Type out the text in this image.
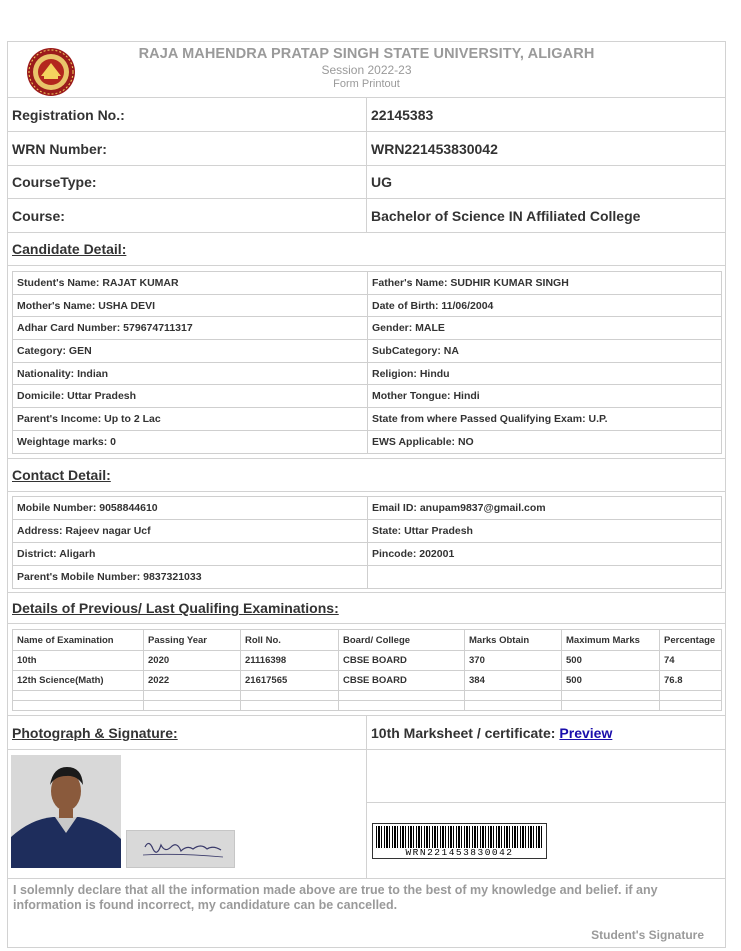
RAJA MAHENDRA PRATAP SINGH STATE UNIVERSITY, ALIGARH
Session 2022-23
Form Printout
Registration No.:	22145383
WRN Number:	WRN221453830042
CourseType:	UG
Course:	Bachelor of Science IN Affiliated College
Candidate Detail:
Student's Name: RAJAT KUMAR	Father's Name: SUDHIR KUMAR SINGH
Mother's Name: USHA DEVI	Date of Birth: 11/06/2004
Adhar Card Number: 579674711317	Gender: MALE
Category: GEN	SubCategory: NA
Nationality: Indian	Religion: Hindu
Domicile: Uttar Pradesh	Mother Tongue: Hindi
Parent's Income: Up to 2 Lac	State from where Passed Qualifying Exam: U.P.
Weightage marks: 0	EWS Applicable: NO
Contact Detail:
Mobile Number: 9058844610	Email ID: anupam9837@gmail.com
Address: Rajeev nagar Ucf	State: Uttar Pradesh
District: Aligarh	Pincode: 202001
Parent's Mobile Number: 9837321033	
Details of Previous/ Last Qualifing Examinations:
Name of Examination	Passing Year	Roll No.	Board/ College	Marks Obtain	Maximum Marks	Percentage
10th	2020	21116398	CBSE BOARD	370	500	74
12th Science(Math)	2022	21617565	CBSE BOARD	384	500	76.8

Photograph & Signature:	10th Marksheet / certificate: Preview
WRN221453830042
I solemnly declare that all the information made above are true to the best of my knowledge and belief. if any information is found incorrect, my candidature can be cancelled.
Student's Signature
